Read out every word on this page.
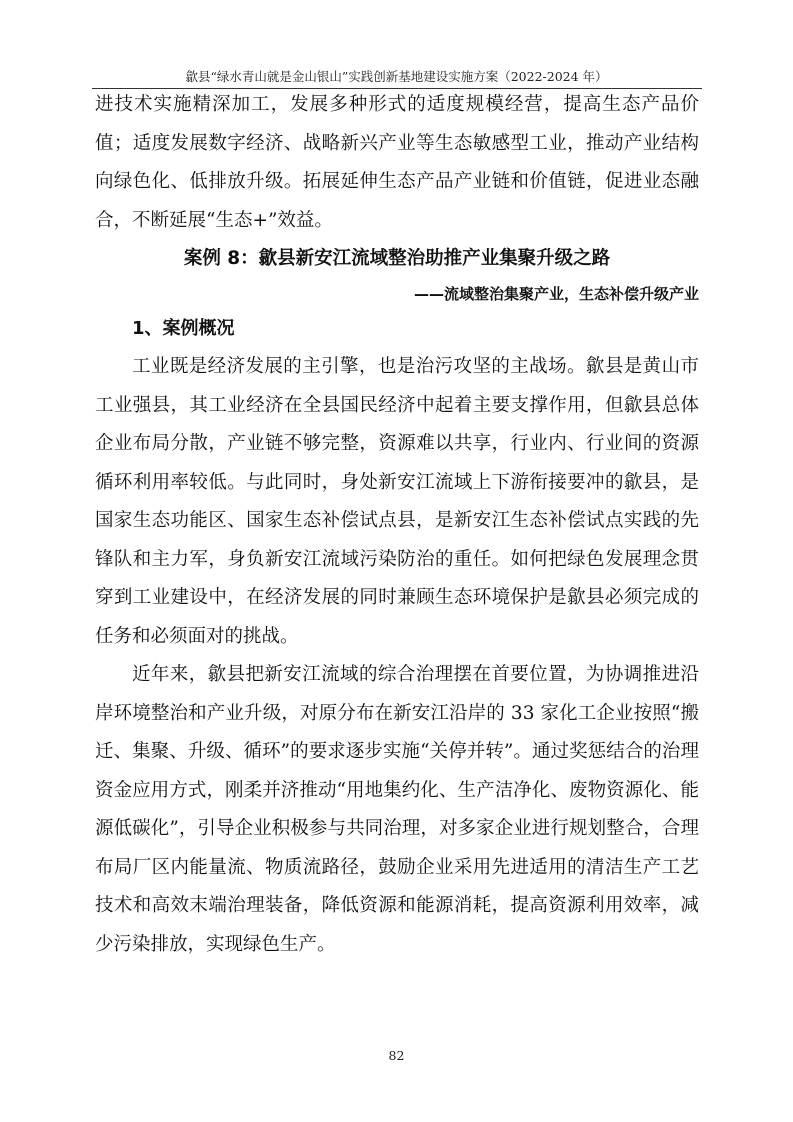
歙县“绿水青山就是金山银山”实践创新基地建设实施方案（2022-2024 年）

进技术实施精深加工，发展多种形式的适度规模经营，提高生态产品价值；适度发展数字经济、战略新兴产业等生态敏感型工业，推动产业结构向绿色化、低排放升级。拓展延伸生态产品产业链和价值链，促进业态融合，不断延展“生态+”效益。

案例 8：歙县新安江流域整治助推产业集聚升级之路

——流域整治集聚产业，生态补偿升级产业

1、案例概况

工业既是经济发展的主引擎，也是治污攻坚的主战场。歙县是黄山市工业强县，其工业经济在全县国民经济中起着主要支撑作用，但歙县总体企业布局分散，产业链不够完整，资源难以共享，行业内、行业间的资源循环利用率较低。与此同时，身处新安江流域上下游衔接要冲的歙县，是国家生态功能区、国家生态补偿试点县，是新安江生态补偿试点实践的先锋队和主力军，身负新安江流域污染防治的重任。如何把绿色发展理念贯穿到工业建设中，在经济发展的同时兼顾生态环境保护是歙县必须完成的任务和必须面对的挑战。

近年来，歙县把新安江流域的综合治理摆在首要位置，为协调推进沿岸环境整治和产业升级，对原分布在新安江沿岸的 33 家化工企业按照“搬迁、集聚、升级、循环”的要求逐步实施“关停并转”。通过奖惩结合的治理资金应用方式，刚柔并济推动“用地集约化、生产洁净化、废物资源化、能源低碳化”，引导企业积极参与共同治理，对多家企业进行规划整合，合理布局厂区内能量流、物质流路径，鼓励企业采用先进适用的清洁生产工艺技术和高效末端治理装备，降低资源和能源消耗，提高资源利用效率，减少污染排放，实现绿色生产。

82
